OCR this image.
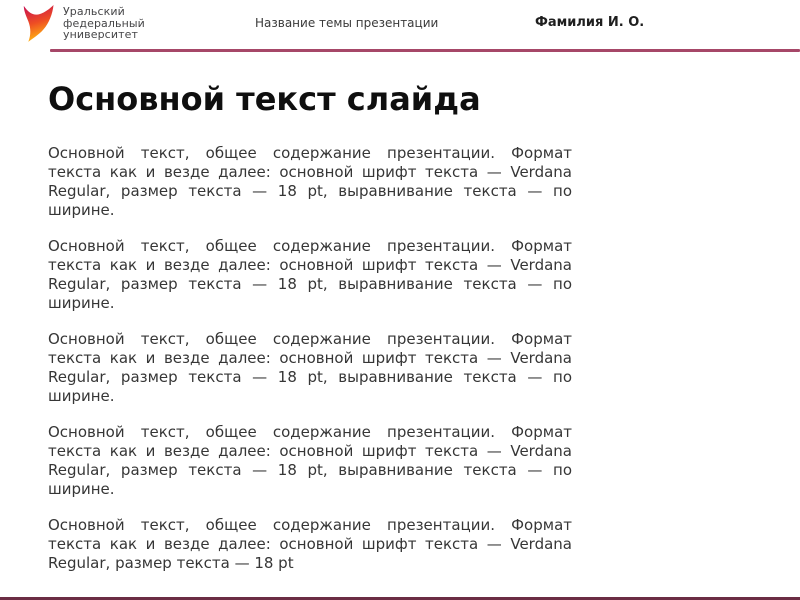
Уральский
федеральный
университет
Название темы презентации	Фамилия И. О.
Основной текст слайда
Основной текст, общее содержание презентации. Формат
текста как и везде далее: основной шрифт текста — Verdana
Regular, размер текста — 18 pt, выравнивание текста — по
ширине.
Основной текст, общее содержание презентации. Формат
текста как и везде далее: основной шрифт текста — Verdana
Regular, размер текста — 18 pt, выравнивание текста — по
ширине.
Основной текст, общее содержание презентации. Формат
текста как и везде далее: основной шрифт текста — Verdana
Regular, размер текста — 18 pt, выравнивание текста — по
ширине.
Основной текст, общее содержание презентации. Формат
текста как и везде далее: основной шрифт текста — Verdana
Regular, размер текста — 18 pt, выравнивание текста — по
ширине.
Основной текст, общее содержание презентации. Формат
текста как и везде далее: основной шрифт текста — Verdana
Regular, размер текста — 18 pt
